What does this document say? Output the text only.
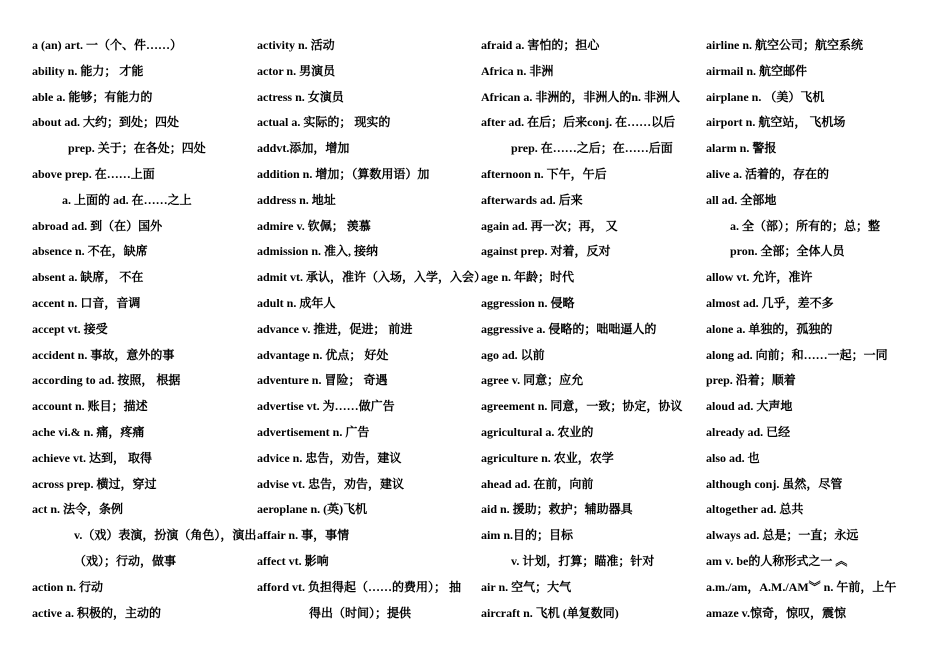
a (an) art. 一（个、件……）
ability n. 能力； 才能
able a. 能够；有能力的
about ad. 大约；到处；四处
prep. 关于；在各处；四处
above prep. 在……上面
a. 上面的 ad. 在……之上
abroad ad. 到（在）国外
absence n. 不在，缺席
absent a. 缺席， 不在
accent n. 口音，音调
accept vt. 接受
accident n. 事故，意外的事
according to ad. 按照， 根据
account n. 账目；描述
ache vi.& n. 痛，疼痛
achieve vt. 达到， 取得
across prep. 横过，穿过
act n. 法令，条例
v.（戏）表演，扮演（角色），演出
（戏）；行动，做事
action n. 行动
active a. 积极的，主动的
activity n. 活动
actor n. 男演员
actress n. 女演员
actual a. 实际的； 现实的
addvt.添加，增加
addition n. 增加；（算数用语）加
address n. 地址
admire v. 钦佩； 羡慕
admission n. 准入, 接纳
admit vt. 承认，准许（入场，入学，入会）
adult n. 成年人
advance v. 推进，促进； 前进
advantage n. 优点； 好处
adventure n. 冒险； 奇遇
advertise vt. 为……做广告
advertisement n. 广告
advice n. 忠告，劝告，建议
advise vt. 忠告，劝告，建议
aeroplane n. (英)飞机
affair n. 事，事情
affect vt. 影响
afford vt. 负担得起（……的费用）； 抽
得出（时间）；提供
afraid a. 害怕的；担心
Africa n. 非洲
African a. 非洲的，非洲人的n. 非洲人
after ad. 在后；后来conj. 在……以后
prep. 在……之后；在……后面
afternoon n. 下午，午后
afterwards ad. 后来
again ad. 再一次；再， 又
against prep. 对着，反对
age n. 年龄；时代
aggression n. 侵略
aggressive a. 侵略的；咄咄逼人的
ago ad. 以前
agree v. 同意；应允
agreement n. 同意，一致；协定，协议
agricultural a. 农业的
agriculture n. 农业，农学
ahead ad. 在前，向前
aid n. 援助；救护；辅助器具
aim n.目的；目标
v. 计划，打算；瞄准；针对
air n. 空气；大气
aircraft n. 飞机 (单复数同)
airline n. 航空公司；航空系统
airmail n. 航空邮件
airplane n. （美）飞机
airport n. 航空站， 飞机场
alarm n. 警报
alive a. 活着的，存在的
all ad. 全部地
a. 全（部）；所有的；总；整
pron. 全部；全体人员
allow vt. 允许，准许
almost ad. 几乎，差不多
alone a. 单独的，孤独的
along ad. 向前；和……一起；一同
prep. 沿着；顺着
aloud ad. 大声地
already ad. 已经
also ad. 也
although conj. 虽然，尽管
altogether ad. 总共
always ad. 总是；一直；永远
am v. be的人称形式之一 ︽
a.m./am，A.M./AM︾ n. 午前，上午
amaze v.惊奇，惊叹，震惊
